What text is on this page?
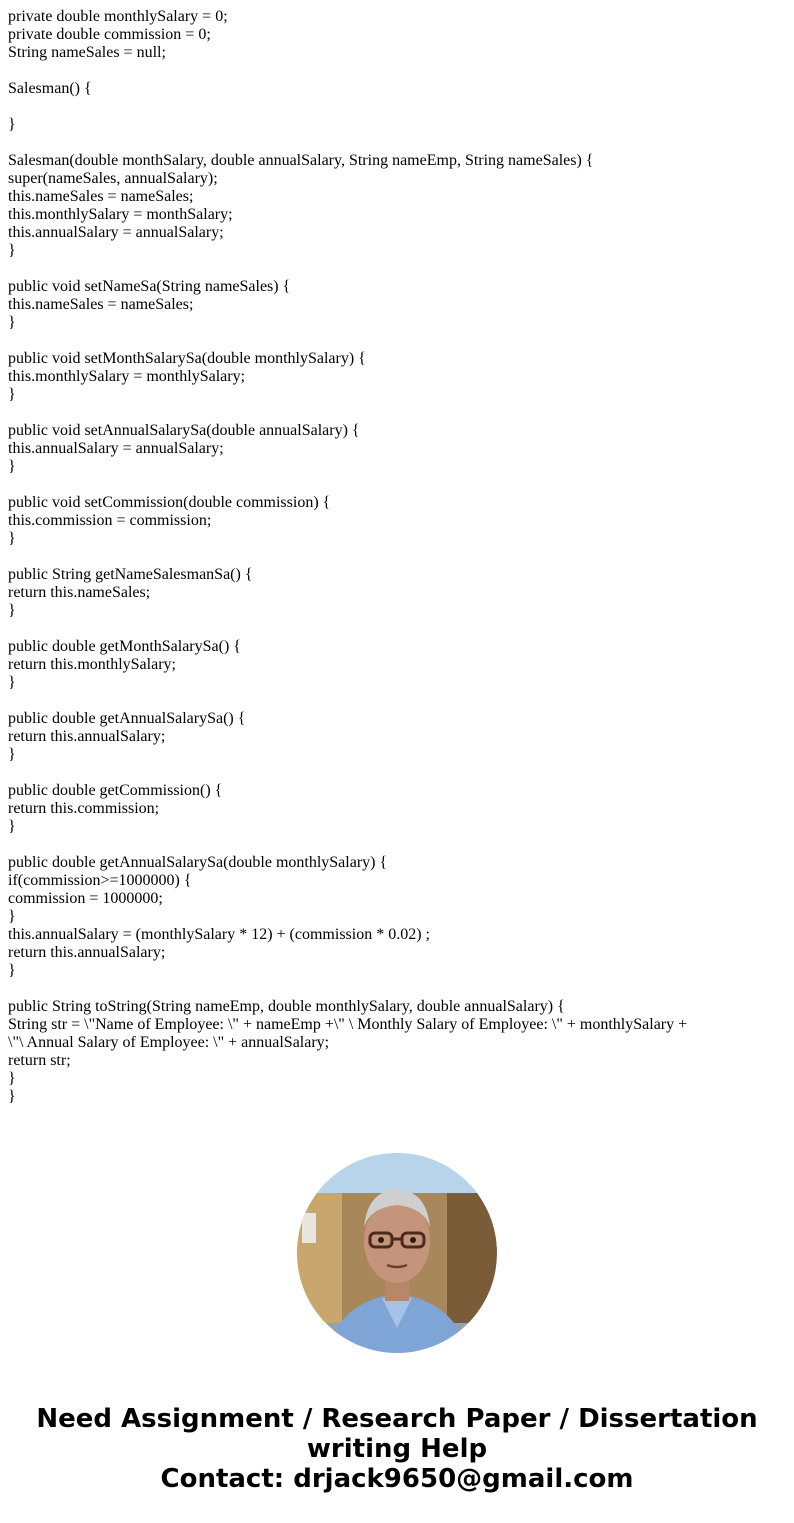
private double monthlySalary = 0;
private double commission = 0;
String nameSales = null;
Salesman() {
}
Salesman(double monthSalary, double annualSalary, String nameEmp, String nameSales) {
super(nameSales, annualSalary);
this.nameSales = nameSales;
this.monthlySalary = monthSalary;
this.annualSalary = annualSalary;
}
public void setNameSa(String nameSales) {
this.nameSales = nameSales;
}
public void setMonthSalarySa(double monthlySalary) {
this.monthlySalary = monthlySalary;
}
public void setAnnualSalarySa(double annualSalary) {
this.annualSalary = annualSalary;
}
public void setCommission(double commission) {
this.commission = commission;
}
public String getNameSalesmanSa() {
return this.nameSales;
}
public double getMonthSalarySa() {
return this.monthlySalary;
}
public double getAnnualSalarySa() {
return this.annualSalary;
}
public double getCommission() {
return this.commission;
}
public double getAnnualSalarySa(double monthlySalary) {
if(commission>=1000000) {
commission = 1000000;
}
this.annualSalary = (monthlySalary * 12) + (commission * 0.02) ;
return this.annualSalary;
}
public String toString(String nameEmp, double monthlySalary, double annualSalary) {
String str = \"Name of Employee: \" + nameEmp +\" \ Monthly Salary of Employee: \" + monthlySalary +
\"\ Annual Salary of Employee: \" + annualSalary;
return str;
}
}
Need Assignment / Research Paper / Dissertation
writing Help
Contact: drjack9650@gmail.com
